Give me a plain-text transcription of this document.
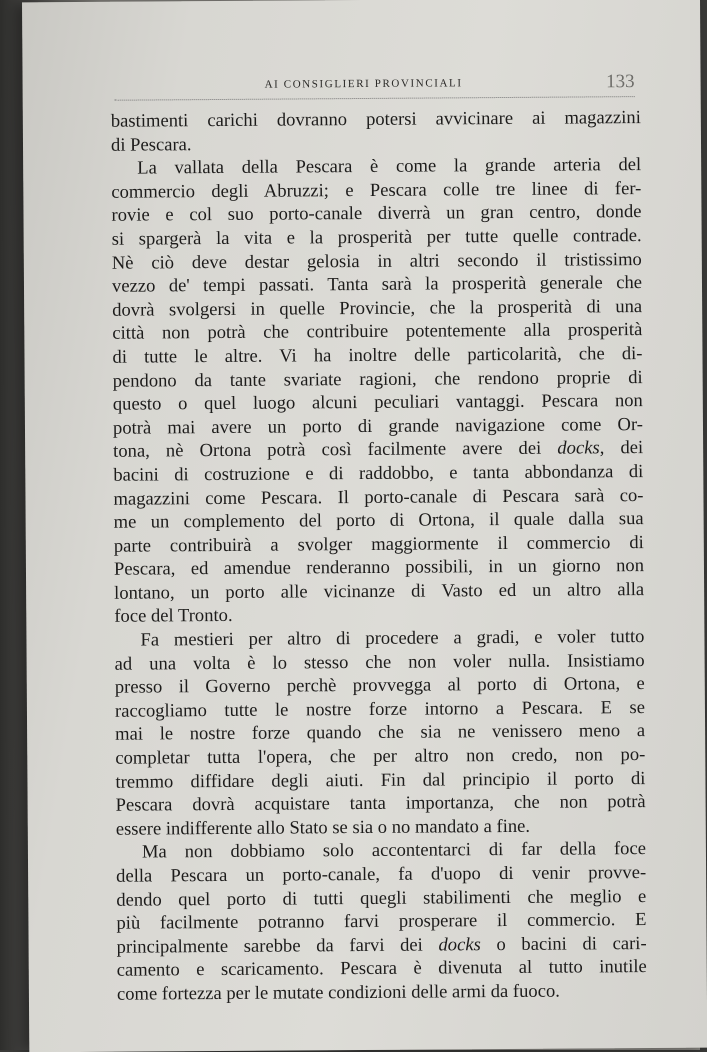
AI CONSIGLIERI PROVINCIALI	133
bastimenti carichi dovranno potersi avvicinare ai magazzini
di Pescara.
La vallata della Pescara è come la grande arteria del
commercio degli Abruzzi; e Pescara colle tre linee di fer-
rovie e col suo porto-canale diverrà un gran centro, donde
si spargerà la vita e la prosperità per tutte quelle contrade.
Nè ciò deve destar gelosia in altri secondo il tristissimo
vezzo de' tempi passati. Tanta sarà la prosperità generale che
dovrà svolgersi in quelle Provincie, che la prosperità di una
città non potrà che contribuire potentemente alla prosperità
di tutte le altre. Vi ha inoltre delle particolarità, che di-
pendono da tante svariate ragioni, che rendono proprie di
questo o quel luogo alcuni peculiari vantaggi. Pescara non
potrà mai avere un porto di grande navigazione come Or-
tona, nè Ortona potrà così facilmente avere dei docks, dei
bacini di costruzione e di raddobbo, e tanta abbondanza di
magazzini come Pescara. Il porto-canale di Pescara sarà co-
me un complemento del porto di Ortona, il quale dalla sua
parte contribuirà a svolger maggiormente il commercio di
Pescara, ed amendue renderanno possibili, in un giorno non
lontano, un porto alle vicinanze di Vasto ed un altro alla
foce del Tronto.
Fa mestieri per altro di procedere a gradi, e voler tutto
ad una volta è lo stesso che non voler nulla. Insistiamo
presso il Governo perchè provvegga al porto di Ortona, e
raccogliamo tutte le nostre forze intorno a Pescara. E se
mai le nostre forze quando che sia ne venissero meno a
completar tutta l'opera, che per altro non credo, non po-
tremmo diffidare degli aiuti. Fin dal principio il porto di
Pescara dovrà acquistare tanta importanza, che non potrà
essere indifferente allo Stato se sia o no mandato a fine.
Ma non dobbiamo solo accontentarci di far della foce
della Pescara un porto-canale, fa d'uopo di venir provve-
dendo quel porto di tutti quegli stabilimenti che meglio e
più facilmente potranno farvi prosperare il commercio. E
principalmente sarebbe da farvi dei docks o bacini di cari-
camento e scaricamento. Pescara è divenuta al tutto inutile
come fortezza per le mutate condizioni delle armi da fuoco.
